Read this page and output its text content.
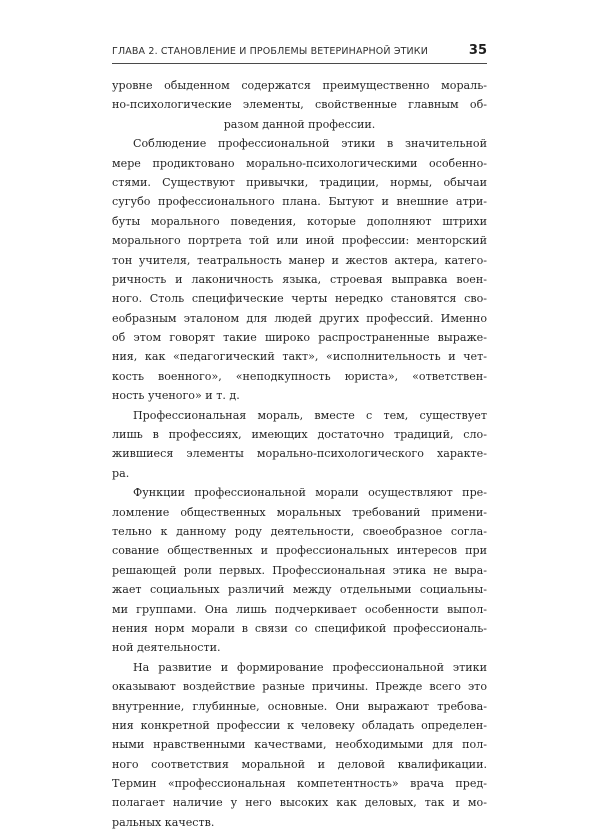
ГЛАВА 2. СТАНОВЛЕНИЕ И ПРОБЛЕМЫ ВЕТЕРИНАРНОЙ ЭТИКИ	35
уровне обыденном содержатся преимущественно мораль-
но-психологические элементы, свойственные главным об-
разом данной профессии.
Соблюдение профессиональной этики в значительной
мере продиктовано морально-психологическими особенно-
стями. Существуют привычки, традиции, нормы, обычаи
сугубо профессионального плана. Бытуют и внешние атри-
буты морального поведения, которые дополняют штрихи
морального портрета той или иной профессии: менторский
тон учителя, театральность манер и жестов актера, катего-
ричность и лаконичность языка, строевая выправка воен-
ного. Столь специфические черты нередко становятся сво-
еобразным эталоном для людей других профессий. Именно
об этом говорят такие широко распространенные выраже-
ния, как «педагогический такт», «исполнительность и чет-
кость военного», «неподкупность юриста», «ответствен-
ность ученого» и т. д.
Профессиональная мораль, вместе с тем, существует
лишь в профессиях, имеющих достаточно традиций, сло-
жившиеся элементы морально-психологического характе-
ра.
Функции профессиональной морали осуществляют пре-
ломление общественных моральных требований примени-
тельно к данному роду деятельности, своеобразное согла-
сование общественных и профессиональных интересов при
решающей роли первых. Профессиональная этика не выра-
жает социальных различий между отдельными социальны-
ми группами. Она лишь подчеркивает особенности выпол-
нения норм морали в связи со спецификой профессиональ-
ной деятельности.
На развитие и формирование профессиональной этики
оказывают воздействие разные причины. Прежде всего это
внутренние, глубинные, основные. Они выражают требова-
ния конкретной профессии к человеку обладать определен-
ными нравственными качествами, необходимыми для пол-
ного соответствия моральной и деловой квалификации.
Термин «профессиональная компетентность» врача пред-
полагает наличие у него высоких как деловых, так и мо-
ральных качеств.
